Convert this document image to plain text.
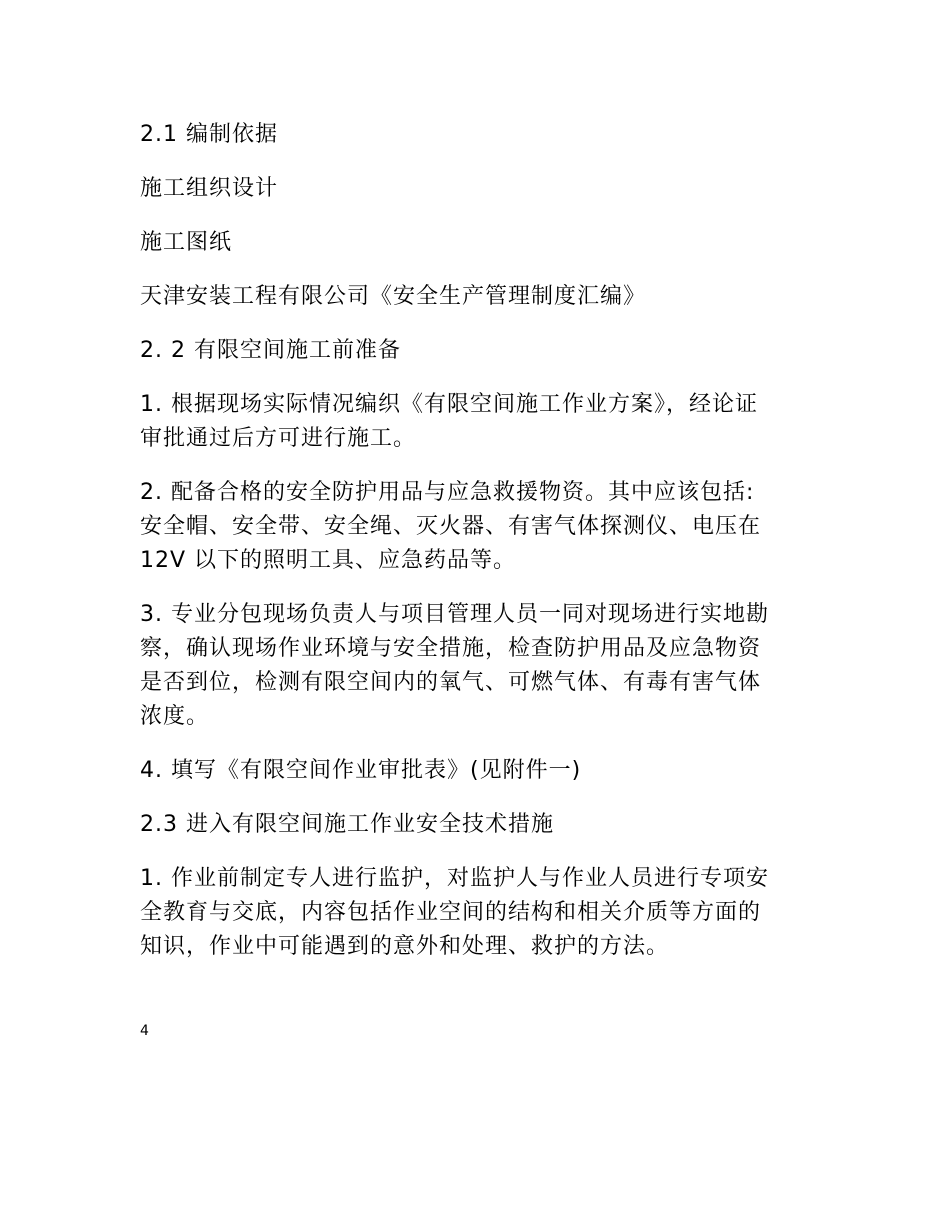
2.1 编制依据

施工组织设计

施工图纸

天津安装工程有限公司《安全生产管理制度汇编》

2. 2 有限空间施工前准备

1. 根据现场实际情况编织《有限空间施工作业方案》，经论证
审批通过后方可进行施工。

2. 配备合格的安全防护用品与应急救援物资。其中应该包括:
安全帽、安全带、安全绳、灭火器、有害气体探测仪、电压在
12V 以下的照明工具、应急药品等。

3. 专业分包现场负责人与项目管理人员一同对现场进行实地勘
察，确认现场作业环境与安全措施，检查防护用品及应急物资
是否到位，检测有限空间内的氧气、可燃气体、有毒有害气体
浓度。

4. 填写《有限空间作业审批表》(见附件一)

2.3 进入有限空间施工作业安全技术措施

1. 作业前制定专人进行监护，对监护人与作业人员进行专项安
全教育与交底，内容包括作业空间的结构和相关介质等方面的
知识，作业中可能遇到的意外和处理、救护的方法。

4
